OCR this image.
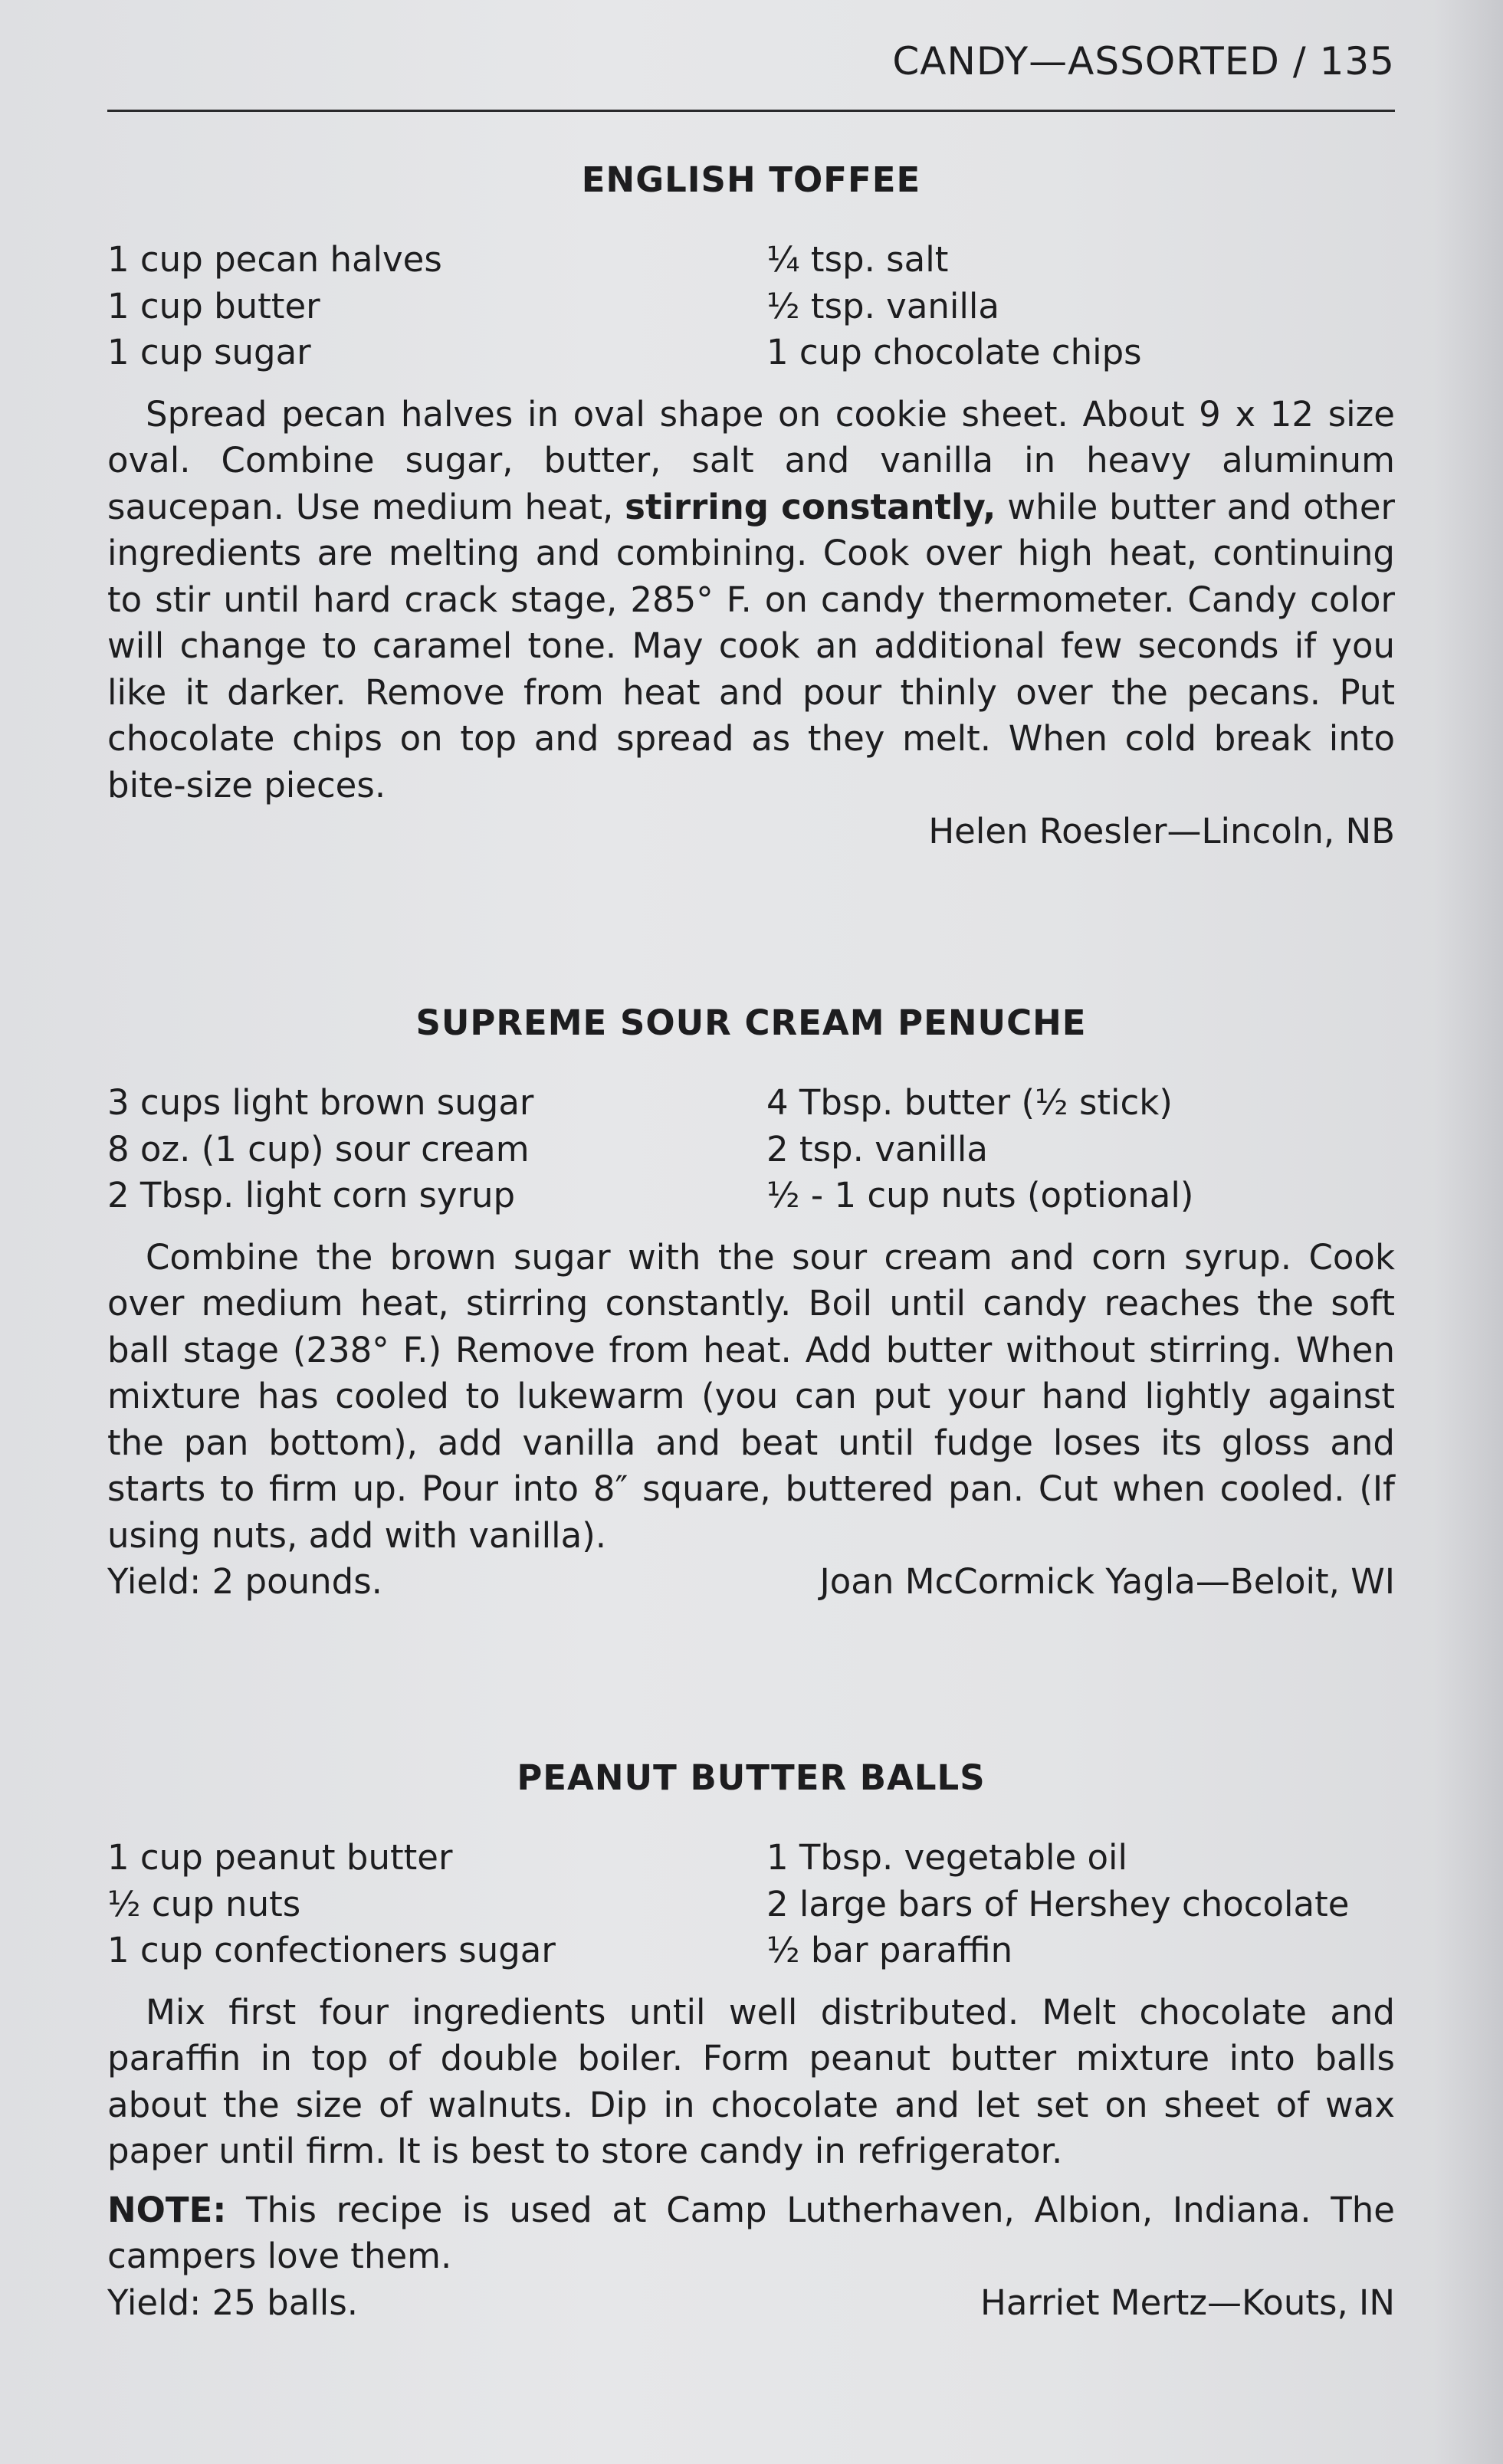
CANDY—ASSORTED / 135
ENGLISH TOFFEE
1 cup pecan halves
1 cup butter
1 cup sugar
¼ tsp. salt
½ tsp. vanilla
1 cup chocolate chips

Spread pecan halves in oval shape on cookie sheet. About 9 x 12 size oval. Combine sugar, butter, salt and vanilla in heavy aluminum saucepan. Use medium heat, stirring constantly, while butter and other ingredients are melting and combining. Cook over high heat, continuing to stir until hard crack stage, 285° F. on candy thermometer. Candy color will change to caramel tone. May cook an additional few seconds if you like it darker. Remove from heat and pour thinly over the pecans. Put chocolate chips on top and spread as they melt. When cold break into bite-size pieces.

Helen Roesler—Lincoln, NB
SUPREME SOUR CREAM PENUCHE
3 cups light brown sugar
8 oz. (1 cup) sour cream
2 Tbsp. light corn syrup
4 Tbsp. butter (½ stick)
2 tsp. vanilla
½ - 1 cup nuts (optional)

Combine the brown sugar with the sour cream and corn syrup. Cook over medium heat, stirring constantly. Boil until candy reaches the soft ball stage (238° F.) Remove from heat. Add butter without stirring. When mixture has cooled to lukewarm (you can put your hand lightly against the pan bottom), add vanilla and beat until fudge loses its gloss and starts to firm up. Pour into 8″ square, buttered pan. Cut when cooled. (If using nuts, add with vanilla).

Yield: 2 pounds.	Joan McCormick Yagla—Beloit, WI
PEANUT BUTTER BALLS
1 cup peanut butter
½ cup nuts
1 cup confectioners sugar
1 Tbsp. vegetable oil
2 large bars of Hershey chocolate
½ bar paraffin

Mix first four ingredients until well distributed. Melt chocolate and paraffin in top of double boiler. Form peanut butter mixture into balls about the size of walnuts. Dip in chocolate and let set on sheet of wax paper until firm. It is best to store candy in refrigerator.

NOTE: This recipe is used at Camp Lutherhaven, Albion, Indiana. The campers love them.

Yield: 25 balls.	Harriet Mertz—Kouts, IN
